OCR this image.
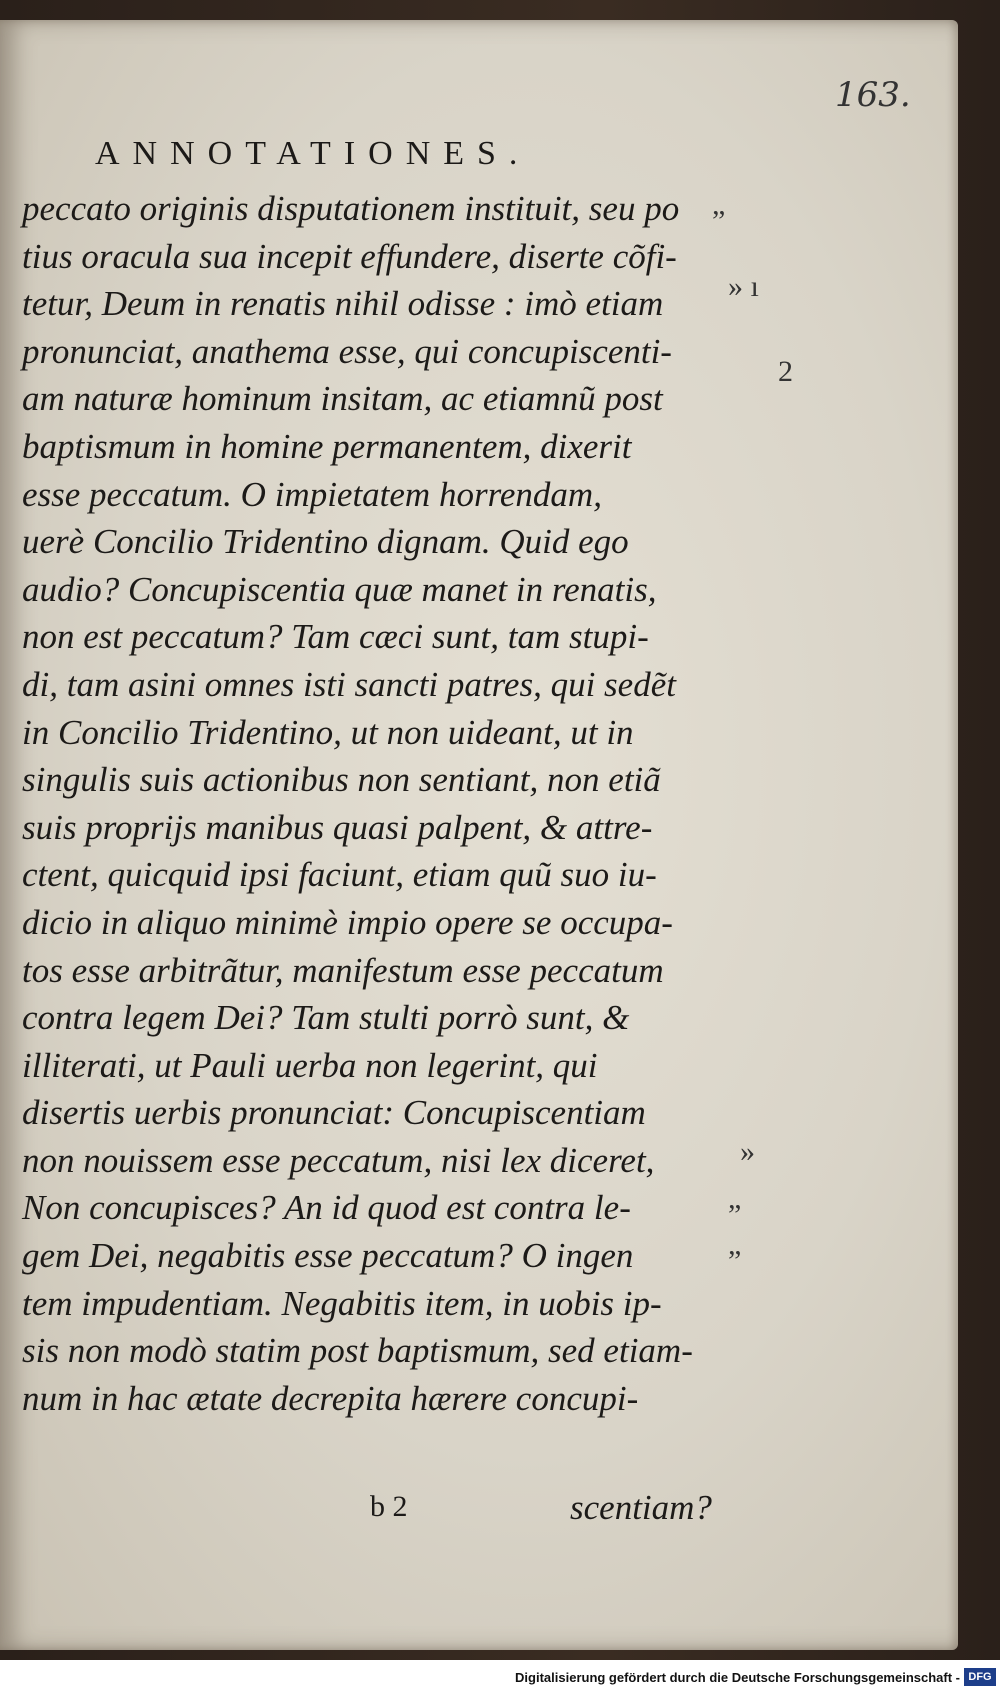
163.
ANNOTATIONES.
peccato originis disputationem instituit, seu po
tius oracula sua incepit effundere, diserte cõfi-
tetur, Deum in renatis nihil odisse : imò etiam
pronunciat, anathema esse, qui concupiscenti-
am naturæ hominum insitam, ac etiamnũ post
baptismum in homine permanentem, dixerit
esse peccatum. O impietatem horrendam,
uerè Concilio Tridentino dignam. Quid ego
audio? Concupiscentia quæ manet in renatis,
non est peccatum? Tam cæci sunt, tam stupi-
di, tam asini omnes isti sancti patres, qui sedẽt
in Concilio Tridentino, ut non uideant, ut in
singulis suis actionibus non sentiant, non etiã
suis proprijs manibus quasi palpent, & attre-
ctent, quicquid ipsi faciunt, etiam quũ suo iu-
dicio in aliquo minimè impio opere se occupa-
tos esse arbitrãtur, manifestum esse peccatum
contra legem Dei? Tam stulti porrò sunt, &
illiterati, ut Pauli uerba non legerint, qui
disertis uerbis pronunciat: Concupiscentiam
non nouissem esse peccatum, nisi lex diceret,
Non concupisces? An id quod est contra le-
gem Dei, negabitis esse peccatum? O ingen
tem impudentiam. Negabitis item, in uobis ip-
sis non modò statim post baptismum, sed etiam-
num in hac ætate decrepita hærere concupi-
„
» ı
2
»
„
„
b 2	scentiam?
Digitalisierung gefördert durch die Deutsche Forschungsgemeinschaft - DFG
